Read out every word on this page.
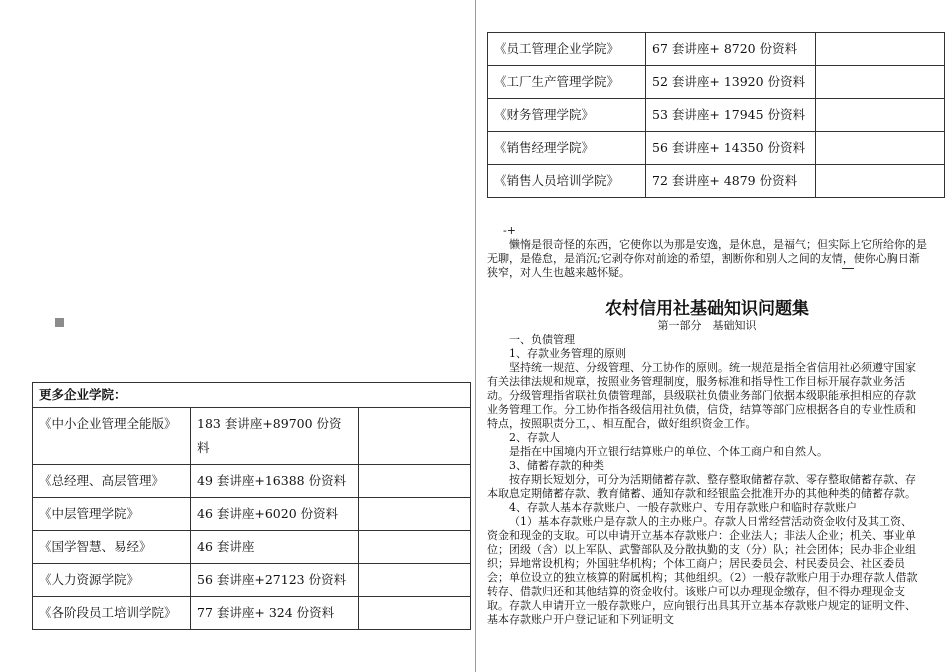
《员工管理企业学院》	67 套讲座+ 8720 份资料	
《工厂生产管理学院》	52 套讲座+ 13920 份资料	
《财务管理学院》	53 套讲座+ 17945 份资料	
《销售经理学院》	56 套讲座+ 14350 份资料	
《销售人员培训学院》	72 套讲座+ 4879 份资料	
-+

懒惰是很奇怪的东西，它使你以为那是安逸，是休息，是福气；但实际上它所给你的是无聊，是倦怠，是消沉;它剥夺你对前途的希望，割断你和别人之间的友情，使你心胸日渐狭窄，对人生也越来越怀疑。

农村信用社基础知识问题集
第一部分　基础知识

一、负债管理

1、存款业务管理的原则

坚持统一规范、分级管理、分工协作的原则。统一规范是指全省信用社必须遵守国家有关法律法规和规章，按照业务管理制度，服务标准和指导性工作目标开展存款业务活动。分级管理指省联社负债管理部，县级联社负债业务部门依据本级职能承担相应的存款业务管理工作。分工协作指各级信用社负债，信贷，结算等部门应根据各自的专业性质和特点，按照职责分工，、相互配合，做好组织资金工作。

2、存款人

是指在中国境内开立银行结算账户的单位、个体工商户和自然人。

3、储蓄存款的种类

按存期长短划分，可分为活期储蓄存款、整存整取储蓄存款、零存整取储蓄存款、存本取息定期储蓄存款、教育储蓄、通知存款和经银监会批准开办的其他种类的储蓄存款。

4、存款人基本存款账户、一般存款账户、专用存款账户和临时存款账户

（1）基本存款账户是存款人的主办账户。存款人日常经营活动资金收付及其工资、资金和现金的支取。可以申请开立基本存款账户：企业法人；非法人企业；机关、事业单位；团级（含）以上军队、武警部队及分散执勤的支（分）队；社会团体；民办非企业组织；异地常设机构；外国驻华机构；个体工商户；居民委员会、村民委员会、社区委员会；单位设立的独立核算的附属机构；其他组织。（2）一般存款账户用于办理存款人借款转存、借款归还和其他结算的资金收付。该账户可以办理现金缴存，但不得办理现金支取。存款人申请开立一般存款账户，应向银行出具其开立基本存款账户规定的证明文件、基本存款账户开户登记证和下列证明文

更多企业学院：		
《中小企业管理全能版》	183 套讲座+89700 份资料	
《总经理、高层管理》	49 套讲座+16388 份资料	
《中层管理学院》	46 套讲座+6020 份资料	
《国学智慧、易经》	46 套讲座	
《人力资源学院》	56 套讲座+27123 份资料	
《各阶段员工培训学院》	77 套讲座+ 324 份资料	
